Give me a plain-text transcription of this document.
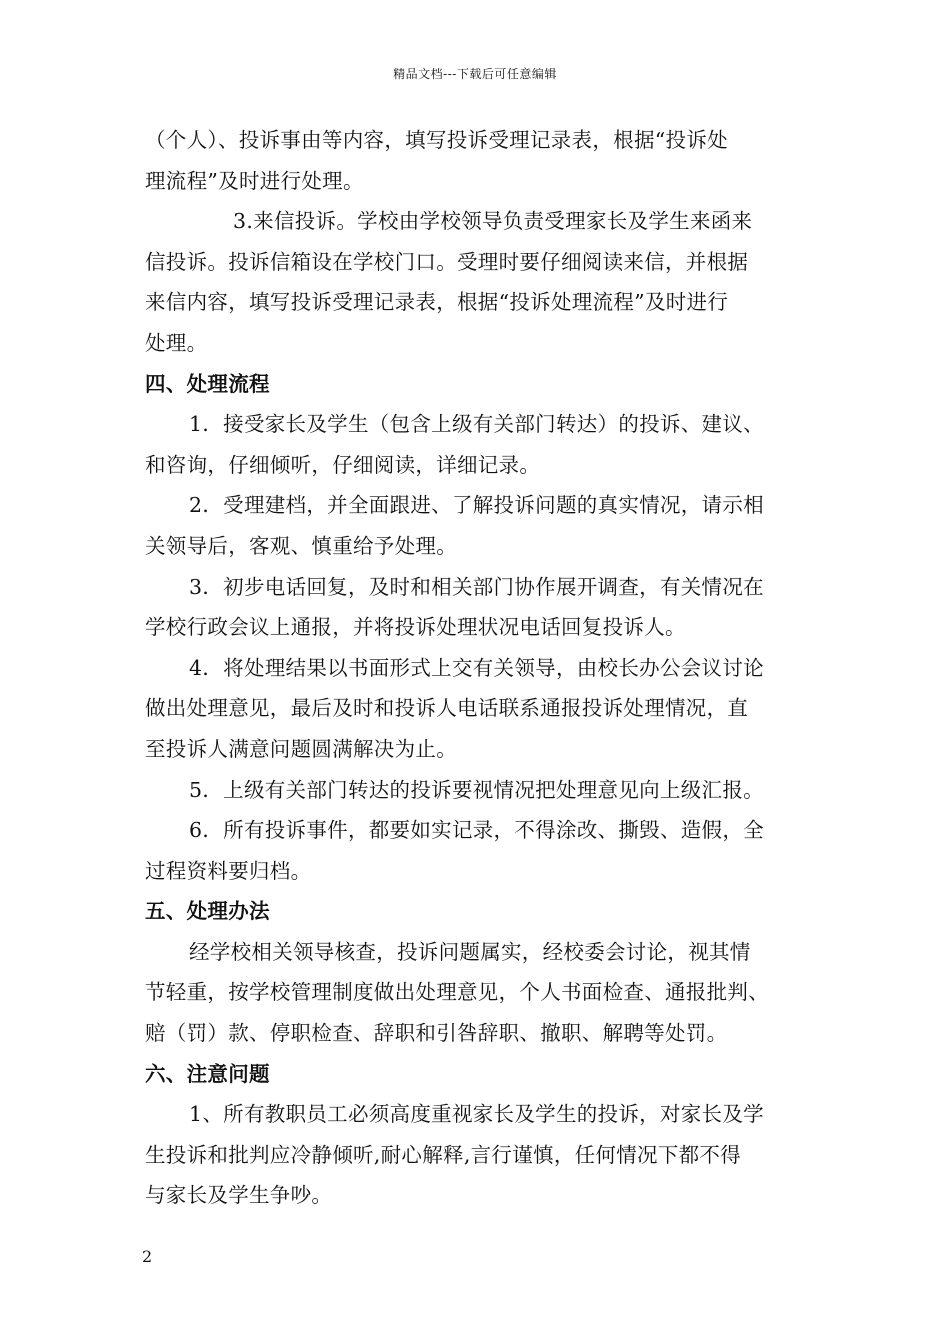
精品文档---下载后可任意编辑
（个人）、投诉事由等内容，填写投诉受理记录表，根据“投诉处
理流程”及时进行处理。
3.来信投诉。学校由学校领导负责受理家长及学生来函来
信投诉。投诉信箱设在学校门口。受理时要仔细阅读来信，并根据
来信内容，填写投诉受理记录表，根据“投诉处理流程”及时进行
处理。
四、处理流程
1．接受家长及学生（包含上级有关部门转达）的投诉、建议、
和咨询，仔细倾听，仔细阅读，详细记录。
2．受理建档，并全面跟进、了解投诉问题的真实情况，请示相
关领导后，客观、慎重给予处理。
3．初步电话回复，及时和相关部门协作展开调查，有关情况在
学校行政会议上通报，并将投诉处理状况电话回复投诉人。
4．将处理结果以书面形式上交有关领导，由校长办公会议讨论
做出处理意见，最后及时和投诉人电话联系通报投诉处理情况，直
至投诉人满意问题圆满解决为止。
5．上级有关部门转达的投诉要视情况把处理意见向上级汇报。
6．所有投诉事件，都要如实记录，不得涂改、撕毁、造假，全
过程资料要归档。
五、处理办法
经学校相关领导核查，投诉问题属实，经校委会讨论，视其情
节轻重，按学校管理制度做出处理意见，个人书面检查、通报批判、
赔（罚）款、停职检查、辞职和引咎辞职、撤职、解聘等处罚。
六、注意问题
1、所有教职员工必须高度重视家长及学生的投诉，对家长及学
生投诉和批判应冷静倾听,耐心解释,言行谨慎，任何情况下都不得
与家长及学生争吵。
2
